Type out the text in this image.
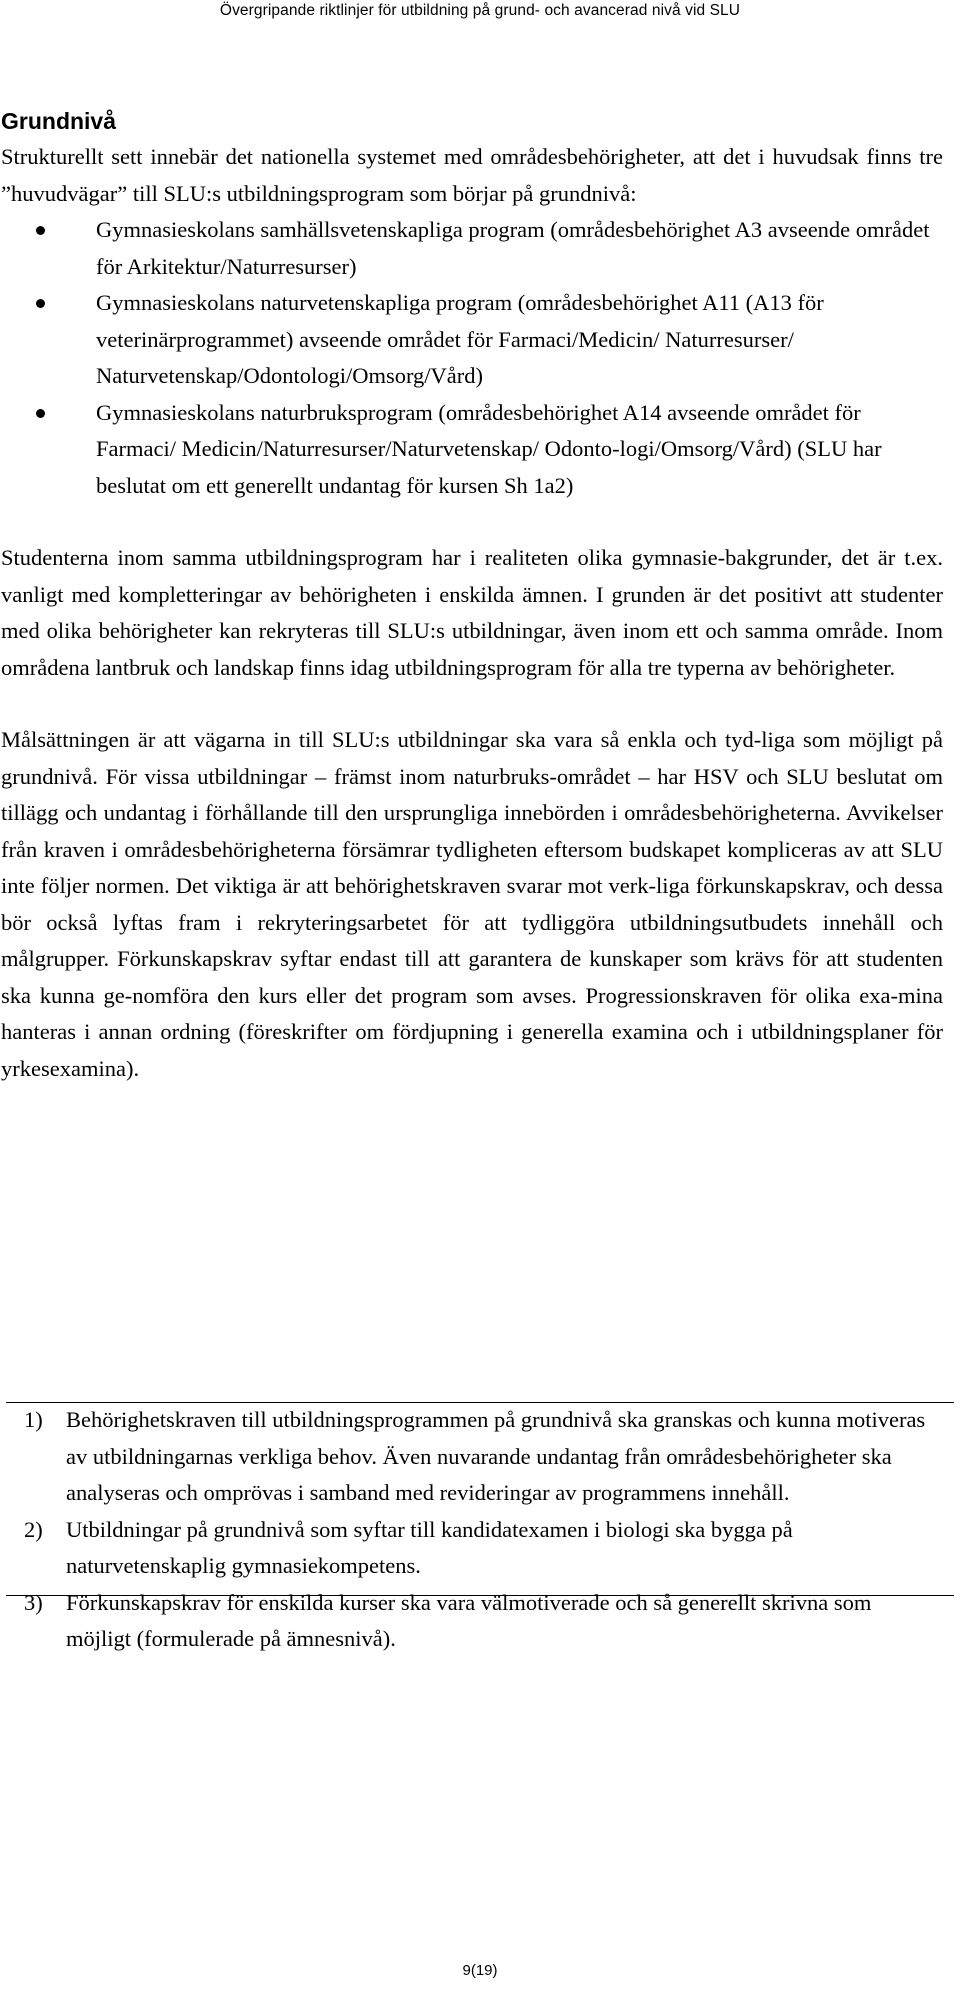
Övergripande riktlinjer för utbildning på grund- och avancerad nivå vid SLU
Grundnivå

Strukturellt sett innebär det nationella systemet med områdesbehörigheter, att det i huvudsak finns tre ”huvudvägar” till SLU:s utbildningsprogram som börjar på grundnivå:

Gymnasieskolans samhällsvetenskapliga program (områdesbehörighet A3 avseende området för Arkitektur/Naturresurser)
Gymnasieskolans naturvetenskapliga program (områdesbehörighet A11 (A13 för veterinärprogrammet) avseende området för Farmaci/Medicin/ Naturresurser/ Naturvetenskap/Odontologi/Omsorg/Vård)
Gymnasieskolans naturbruksprogram (områdesbehörighet A14 avseende området för Farmaci/ Medicin/Naturresurser/Naturvetenskap/ Odonto-logi/Omsorg/Vård) (SLU har beslutat om ett generellt undantag för kursen Sh 1a2)

Studenterna inom samma utbildningsprogram har i realiteten olika gymnasie-bakgrunder, det är t.ex. vanligt med kompletteringar av behörigheten i enskilda ämnen. I grunden är det positivt att studenter med olika behörigheter kan rekryteras till SLU:s utbildningar, även inom ett och samma område. Inom områdena lantbruk och landskap finns idag utbildningsprogram för alla tre typerna av behörigheter.

Målsättningen är att vägarna in till SLU:s utbildningar ska vara så enkla och tyd-liga som möjligt på grundnivå. För vissa utbildningar – främst inom naturbruks-området – har HSV och SLU beslutat om tillägg och undantag i förhållande till den ursprungliga innebörden i områdesbehörigheterna. Avvikelser från kraven i områdesbehörigheterna försämrar tydligheten eftersom budskapet kompliceras av att SLU inte följer normen. Det viktiga är att behörighetskraven svarar mot verk-liga förkunskapskrav, och dessa bör också lyftas fram i rekryteringsarbetet för att tydliggöra utbildningsutbudets innehåll och målgrupper. Förkunskapskrav syftar endast till att garantera de kunskaper som krävs för att studenten ska kunna ge-nomföra den kurs eller det program som avses. Progressionskraven för olika exa-mina hanteras i annan ordning (föreskrifter om fördjupning i generella examina och i utbildningsplaner för yrkesexamina).

1) Behörighetskraven till utbildningsprogrammen på grundnivå ska granskas och kunna motiveras av utbildningarnas verkliga behov. Även nuvarande undantag från områdesbehörigheter ska analyseras och omprövas i samband med revideringar av programmens innehåll.
2) Utbildningar på grundnivå som syftar till kandidatexamen i biologi ska bygga på naturvetenskaplig gymnasiekompetens.
3) Förkunskapskrav för enskilda kurser ska vara välmotiverade och så generellt skrivna som möjligt (formulerade på ämnesnivå).
9(19)
